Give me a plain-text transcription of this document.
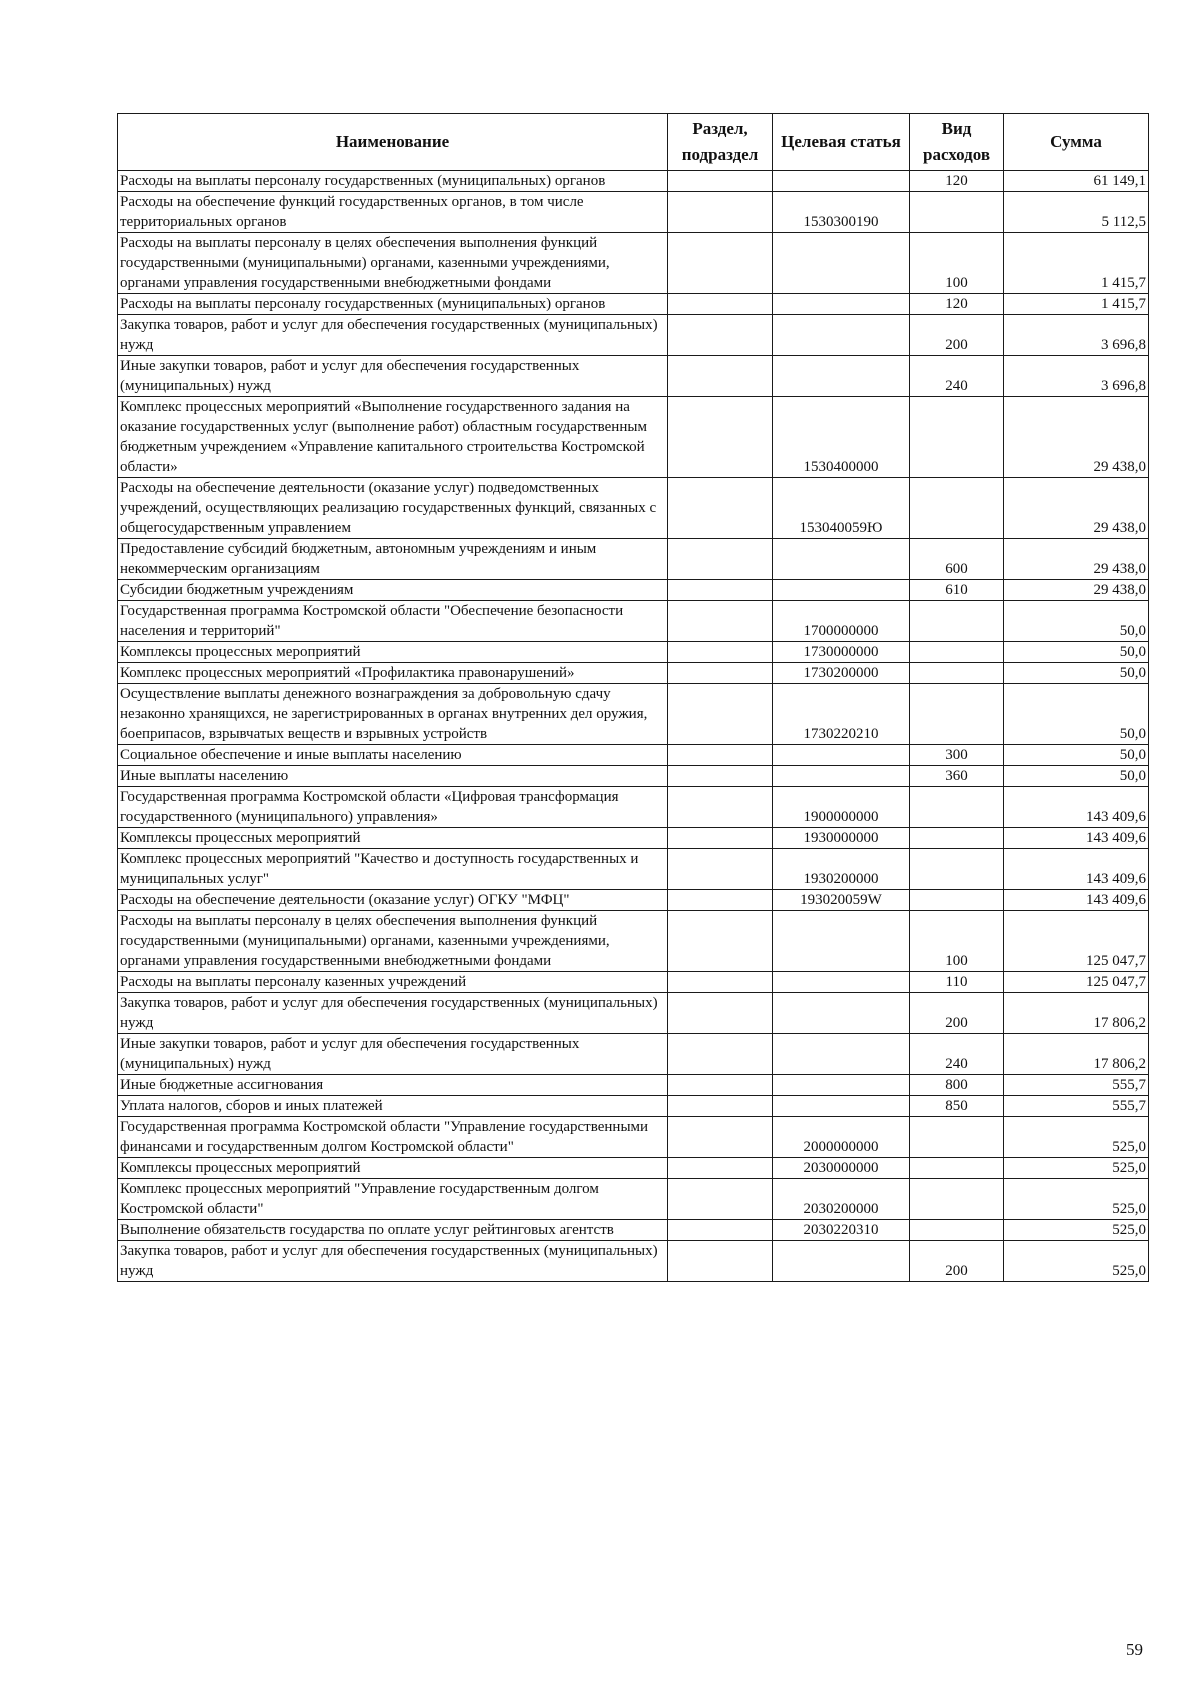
Наименование	Раздел, подраздел	Целевая статья	Вид расходов	Сумма
Расходы на выплаты персоналу государственных (муниципальных) органов			120	61 149,1
Расходы на обеспечение функций государственных органов, в том числе территориальных органов		1530300190		5 112,5
Расходы на выплаты персоналу в целях обеспечения выполнения функций государственными (муниципальными) органами, казенными учреждениями, органами управления государственными внебюджетными фондами			100	1 415,7
Расходы на выплаты персоналу государственных (муниципальных) органов			120	1 415,7
Закупка товаров, работ и услуг для обеспечения государственных (муниципальных) нужд			200	3 696,8
Иные закупки товаров, работ и услуг для обеспечения государственных (муниципальных) нужд			240	3 696,8
Комплекс процессных мероприятий «Выполнение государственного задания на оказание государственных услуг (выполнение работ) областным государственным бюджетным учреждением «Управление капитального строительства Костромской области»		1530400000		29 438,0
Расходы на обеспечение деятельности (оказание услуг) подведомственных учреждений, осуществляющих реализацию государственных функций, связанных с общегосударственным управлением		153040059Ю		29 438,0
Предоставление субсидий бюджетным, автономным учреждениям и иным некоммерческим организациям			600	29 438,0
Субсидии бюджетным учреждениям			610	29 438,0
Государственная программа Костромской области "Обеспечение безопасности населения и территорий"		1700000000		50,0
Комплексы процессных мероприятий		1730000000		50,0
Комплекс процессных мероприятий «Профилактика правонарушений»		1730200000		50,0
Осуществление выплаты денежного вознаграждения за добровольную сдачу незаконно хранящихся, не зарегистрированных в органах внутренних дел оружия, боеприпасов, взрывчатых веществ и взрывных устройств		1730220210		50,0
Социальное обеспечение и иные выплаты населению			300	50,0
Иные выплаты населению			360	50,0
Государственная программа Костромской области «Цифровая трансформация государственного (муниципального) управления»		1900000000		143 409,6
Комплексы процессных мероприятий		1930000000		143 409,6
Комплекс процессных мероприятий "Качество и доступность государственных и муниципальных услуг"		1930200000		143 409,6
Расходы на обеспечение деятельности (оказание услуг) ОГКУ "МФЦ"		193020059W		143 409,6
Расходы на выплаты персоналу в целях обеспечения выполнения функций государственными (муниципальными) органами, казенными учреждениями, органами управления государственными внебюджетными фондами			100	125 047,7
Расходы на выплаты персоналу казенных учреждений			110	125 047,7
Закупка товаров, работ и услуг для обеспечения государственных (муниципальных) нужд			200	17 806,2
Иные закупки товаров, работ и услуг для обеспечения государственных (муниципальных) нужд			240	17 806,2
Иные бюджетные ассигнования			800	555,7
Уплата налогов, сборов и иных платежей			850	555,7
Государственная программа Костромской области "Управление государственными финансами и государственным долгом Костромской области"		2000000000		525,0
Комплексы процессных мероприятий		2030000000		525,0
Комплекс процессных мероприятий "Управление государственным долгом Костромской области"		2030200000		525,0
Выполнение обязательств государства по оплате услуг рейтинговых агентств		2030220310		525,0
Закупка товаров, работ и услуг для обеспечения государственных (муниципальных) нужд			200	525,0
59
